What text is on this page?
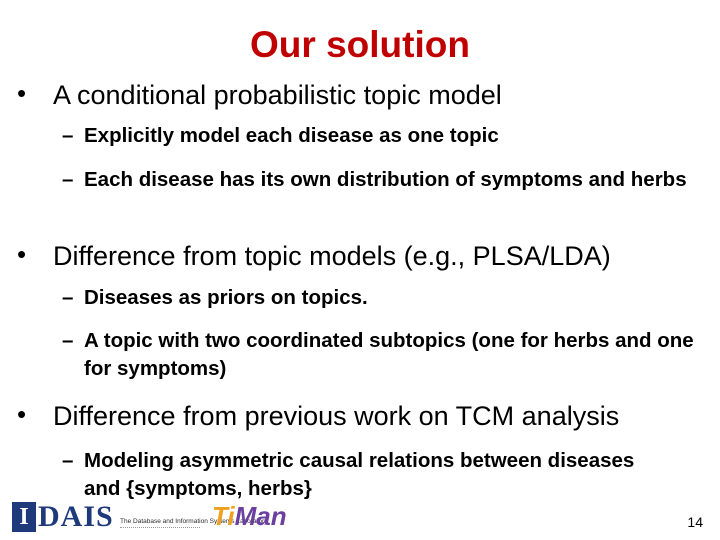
Our solution
• A conditional probabilistic topic model
– Explicitly model each disease as one topic
– Each disease has its own distribution of symptoms and herbs
• Difference from topic models (e.g., PLSA/LDA)
– Diseases as priors on topics.
– A topic with two coordinated subtopics (one for herbs and one for symptoms)
• Difference from previous work on TCM analysis
– Modeling asymmetric causal relations between diseases and {symptoms, herbs}
I DAIS The Database and Information Systems Laboratory
TiMan	14
